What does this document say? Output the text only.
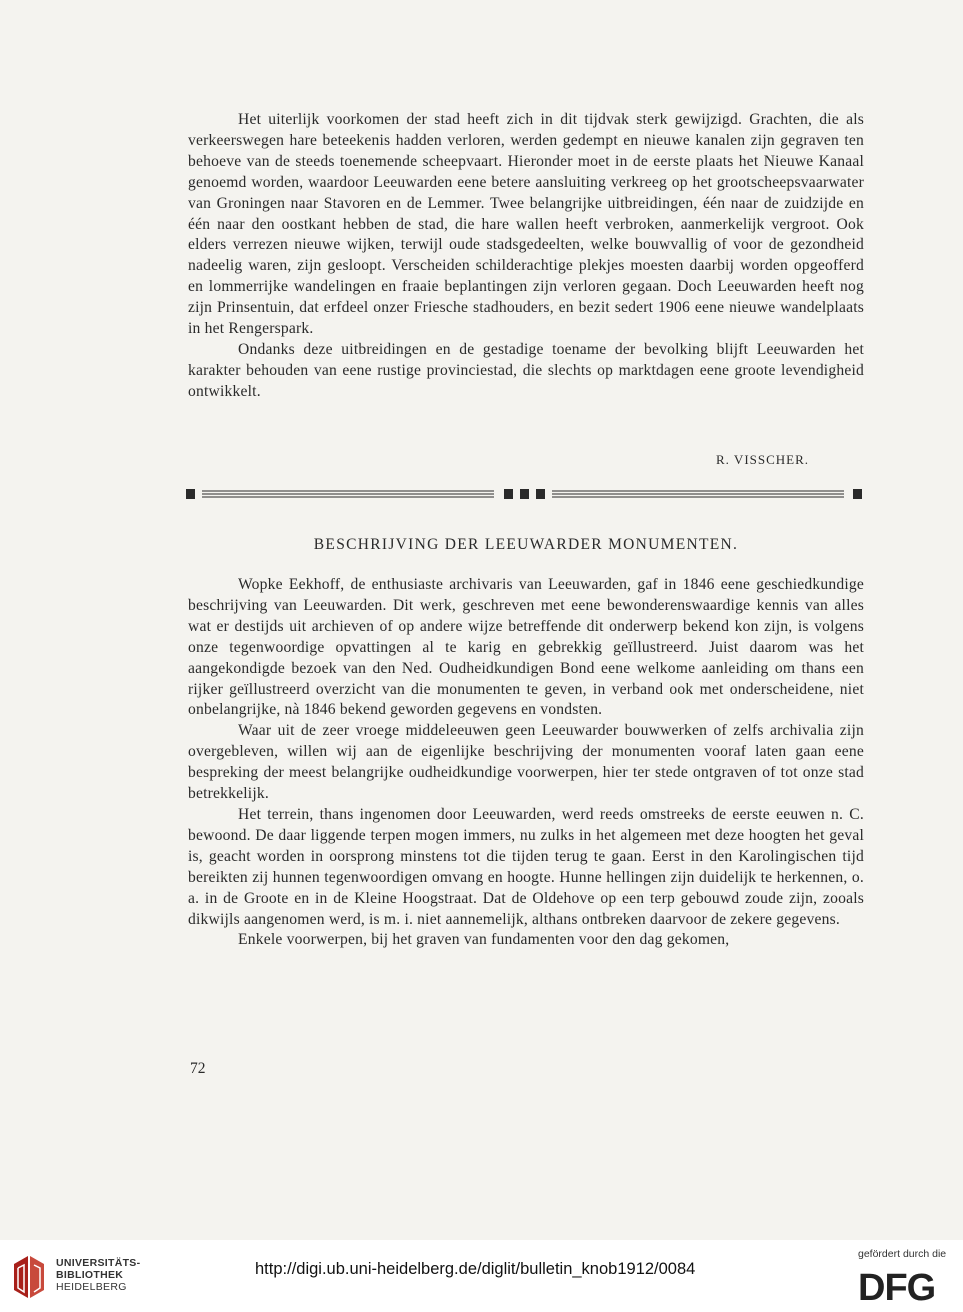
Het uiterlijk voorkomen der stad heeft zich in dit tijdvak sterk gewijzigd. Grachten, die als verkeerswegen hare beteekenis hadden verloren, werden gedempt en nieuwe kanalen zijn gegraven ten behoeve van de steeds toenemende scheepvaart. Hieronder moet in de eerste plaats het Nieuwe Kanaal genoemd worden, waardoor Leeuwarden eene betere aansluiting verkreeg op het grootscheepsvaarwater van Groningen naar Stavoren en de Lemmer. Twee belangrijke uitbreidingen, één naar de zuidzijde en één naar den oostkant hebben de stad, die hare wallen heeft verbroken, aanmerkelijk vergroot. Ook elders verrezen nieuwe wijken, terwijl oude stadsgedeelten, welke bouwvallig of voor de gezondheid nadeelig waren, zijn gesloopt. Verscheiden schilderachtige plekjes moesten daarbij worden opgeofferd en lommerrijke wandelingen en fraaie beplantingen zijn verloren gegaan. Doch Leeuwarden heeft nog zijn Prinsentuin, dat erfdeel onzer Friesche stadhouders, en bezit sedert 1906 eene nieuwe wandelplaats in het Rengerspark.

Ondanks deze uitbreidingen en de gestadige toename der bevolking blijft Leeuwarden het karakter behouden van eene rustige provinciestad, die slechts op marktdagen eene groote levendigheid ontwikkelt.

R. VISSCHER.
BESCHRIJVING DER LEEUWARDER MONUMENTEN.

Wopke Eekhoff, de enthusiaste archivaris van Leeuwarden, gaf in 1846 eene geschiedkundige beschrijving van Leeuwarden. Dit werk, geschreven met eene bewonderenswaardige kennis van alles wat er destijds uit archieven of op andere wijze betreffende dit onderwerp bekend kon zijn, is volgens onze tegenwoordige opvattingen al te karig en gebrekkig geïllustreerd. Juist daarom was het aangekondigde bezoek van den Ned. Oudheidkundigen Bond eene welkome aanleiding om thans een rijker geïllustreerd overzicht van die monumenten te geven, in verband ook met onderscheidene, niet onbelangrijke, nà 1846 bekend geworden gegevens en vondsten.

Waar uit de zeer vroege middeleeuwen geen Leeuwarder bouwwerken of zelfs archivalia zijn overgebleven, willen wij aan de eigenlijke beschrijving der monumenten vooraf laten gaan eene bespreking der meest belangrijke oudheidkundige voorwerpen, hier ter stede ontgraven of tot onze stad betrekkelijk.

Het terrein, thans ingenomen door Leeuwarden, werd reeds omstreeks de eerste eeuwen n. C. bewoond. De daar liggende terpen mogen immers, nu zulks in het algemeen met deze hoogten het geval is, geacht worden in oorsprong minstens tot die tijden terug te gaan. Eerst in den Karolingischen tijd bereikten zij hunnen tegenwoordigen omvang en hoogte. Hunne hellingen zijn duidelijk te herkennen, o. a. in de Groote en in de Kleine Hoogstraat. Dat de Oldehove op een terp gebouwd zoude zijn, zooals dikwijls aangenomen werd, is m. i. niet aannemelijk, althans ontbreken daarvoor de zekere gegevens.

Enkele voorwerpen, bij het graven van fundamenten voor den dag gekomen,

72
UNIVERSITÄTS-
BIBLIOTHEK
HEIDELBERG
http://digi.ub.uni-heidelberg.de/diglit/bulletin_knob1912/0084
gefördert durch die
DFG
